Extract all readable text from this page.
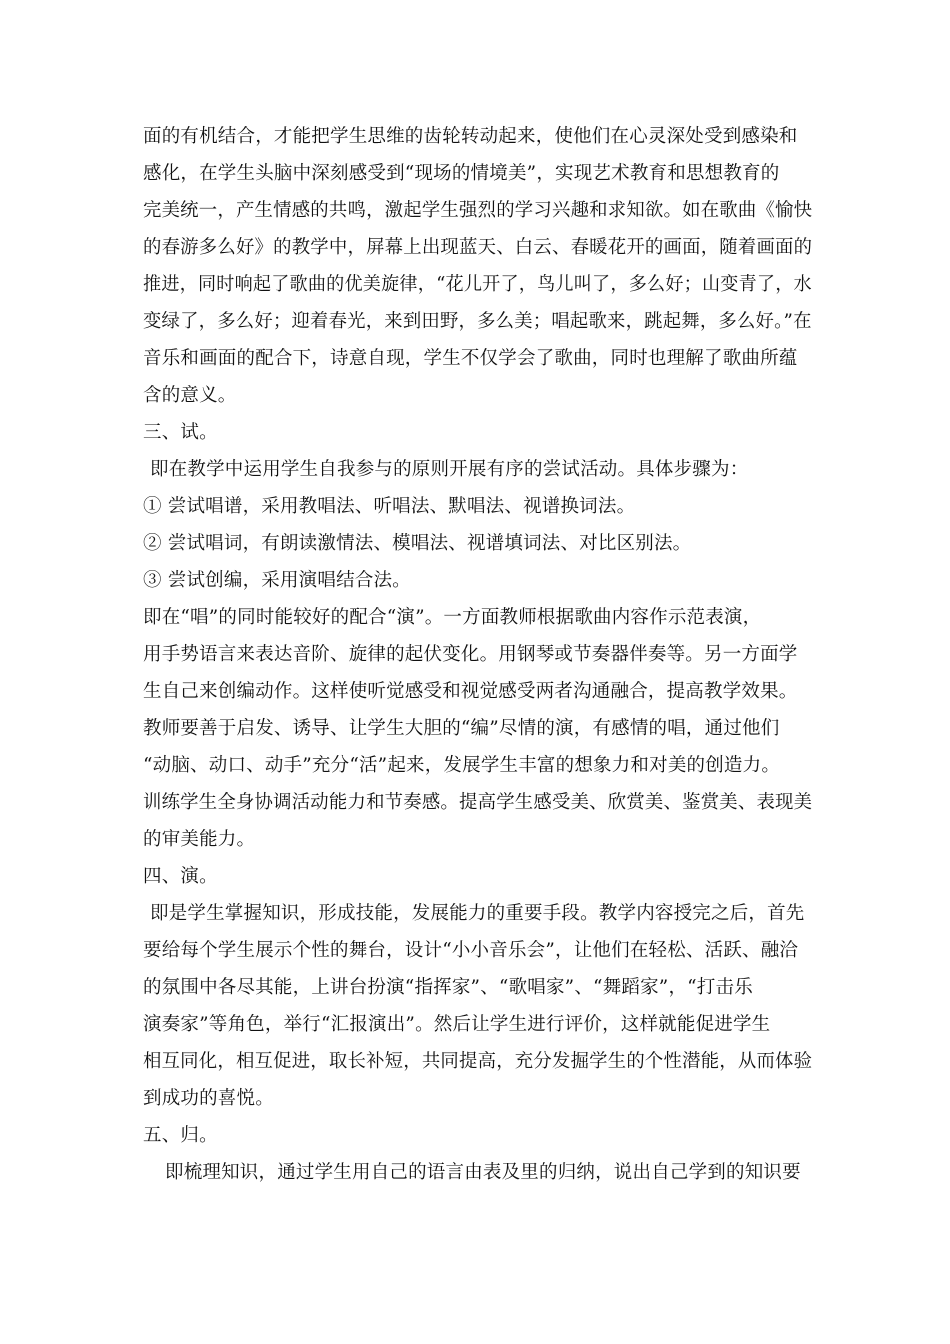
面的有机结合，才能把学生思维的齿轮转动起来，使他们在心灵深处受到感染和
感化，在学生头脑中深刻感受到“现场的情境美”，实现艺术教育和思想教育的
完美统一，产生情感的共鸣，激起学生强烈的学习兴趣和求知欲。如在歌曲《愉快
的春游多么好》的教学中，屏幕上出现蓝天、白云、春暖花开的画面，随着画面的
推进，同时响起了歌曲的优美旋律，“花儿开了，鸟儿叫了，多么好；山变青了，水
变绿了，多么好；迎着春光，来到田野，多么美；唱起歌来，跳起舞，多么好。”在
音乐和画面的配合下，诗意自现，学生不仅学会了歌曲，同时也理解了歌曲所蕴
含的意义。
三、试。
即在教学中运用学生自我参与的原则开展有序的尝试活动。具体步骤为：
① 尝试唱谱，采用教唱法、听唱法、默唱法、视谱换词法。
② 尝试唱词，有朗读激情法、模唱法、视谱填词法、对比区别法。
③ 尝试创编，采用演唱结合法。
即在“唱”的同时能较好的配合“演”。一方面教师根据歌曲内容作示范表演，
用手势语言来表达音阶、旋律的起伏变化。用钢琴或节奏器伴奏等。另一方面学
生自己来创编动作。这样使听觉感受和视觉感受两者沟通融合，提高教学效果。
教师要善于启发、诱导、让学生大胆的“编”尽情的演，有感情的唱，通过他们
“动脑、动口、动手”充分“活”起来，发展学生丰富的想象力和对美的创造力。
训练学生全身协调活动能力和节奏感。提高学生感受美、欣赏美、鉴赏美、表现美
的审美能力。
四、演。
即是学生掌握知识，形成技能，发展能力的重要手段。教学内容授完之后，首先
要给每个学生展示个性的舞台，设计“小小音乐会”，让他们在轻松、活跃、融洽
的氛围中各尽其能，上讲台扮演“指挥家”、“歌唱家”、“舞蹈家”，“打击乐
演奏家”等角色，举行“汇报演出”。然后让学生进行评价，这样就能促进学生
相互同化，相互促进，取长补短，共同提高，充分发掘学生的个性潜能，从而体验
到成功的喜悦。
五、归。
即梳理知识，通过学生用自己的语言由表及里的归纳，说出自己学到的知识要
